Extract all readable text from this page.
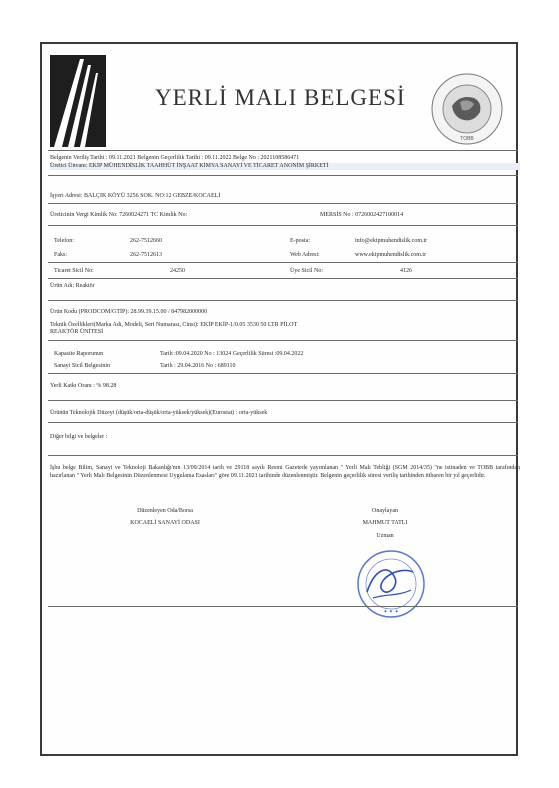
YERLİ MALI BELGESİ
TOBB
Belgenin Veriliş Tarihi : 09.11.2021 Belgenin Geçerlilik Tarihi : 09.11.2022 Belge No : 2021108586471
Üretici Ünvanı: EKİP MÜHENDİSLİK TAAHHÜT İNŞAAT KİMYA SANAYİ VE TİCARET ANONİM ŞİRKETİ
İşyeri Adresi: BALÇIK KÖYÜ 3256 SOK. NO:12 GEBZE/KOCAELİ
Üreticinin Vergi Kimlik No: 7260024271 TC Kimlik No:	MERSİS No : 0726002427100014
Telefon:	262-7512660	E-posta:	info@ekipmuhendislik.com.tr
Faks:	262-7512613	Web Adresi:	www.ekipmuhendislik.com.tr
Ticaret Sicil No:	24250	Üye Sicil No:	4126
Ürün Adı: Reaktör
Ürün Kodu (PRODCOM/GTİP): 28.99.39.15.00 / 847982000000
Teknik Özellikleri(Marka Adı, Modeli, Seri Numarası, Cinsi): EKİP EKİP-1/0.05 3530 50 LTR PİLOT
REAKTÖR ÜNİTESİ
Kapasite Raporunun	Tarih :09.04.2020 No : 13024 Geçerlilik Süresi :09.04.2022
Sanayi Sicil Belgesinin	Tarih : 29.04.2016 No : 689110
Yerli Katkı Oranı : % 98.28
Ürünün Teknolojik Düzeyi (düşük/orta-düşük/orta-yüksek/yüksek)(Eurostat) : orta-yüksek
Diğer bilgi ve belgeler :
İşbu belge Bilim, Sanayi ve Teknoloji Bakanlığı'nın 13/09/2014 tarih ve 29118 sayılı Resmi Gazetede yayımlanan " Yerli Malı Tebliği (SGM 2014/35) "ne istinaden ve TOBB tarafından hazırlanan " Yerli Malı Belgesinin Düzenlenmesi Uygulama Esasları" göre 09.11.2021 tarihinde düzenlenmiştir. Belgenin geçerlilik süresi veriliş tarihinden itibaren bir yıl geçerlidir.
Düzenleyen Oda/Borsa
KOCAELİ SANAYİ ODASI
Onaylayan
MAHMUT TATLI
Uzman
✦ ✦ ✦
